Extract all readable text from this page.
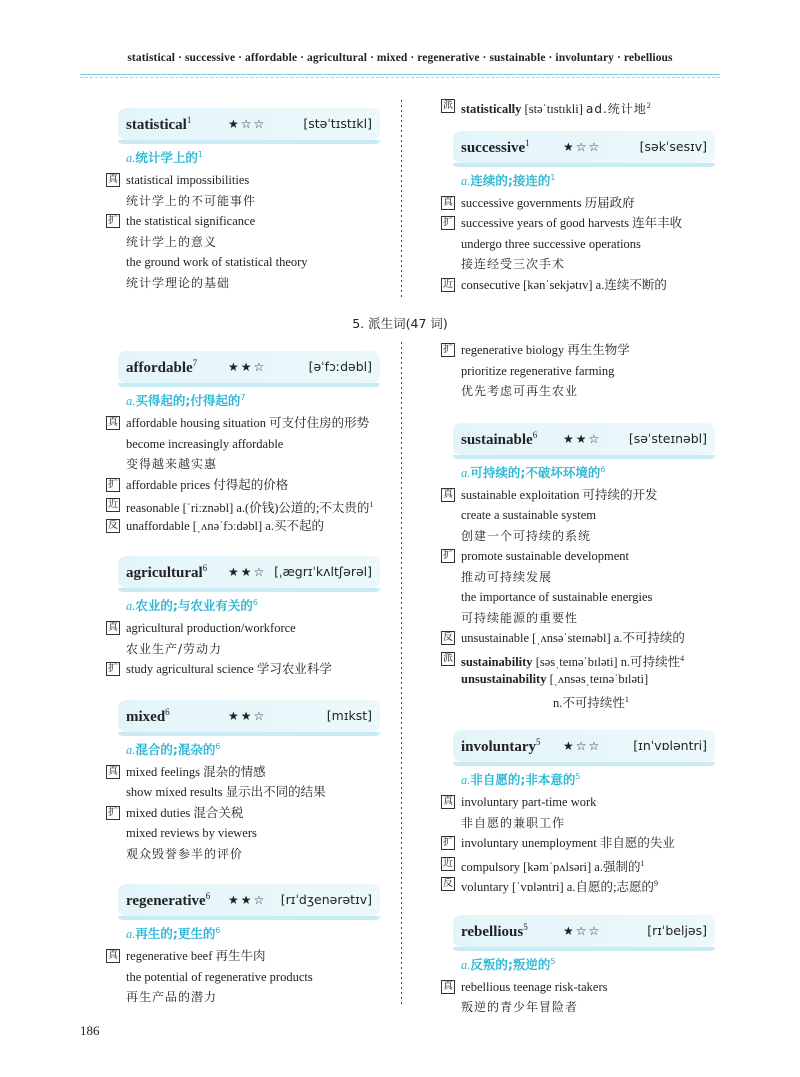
statistical · successive · affordable · agricultural · mixed · regenerative · sustainable · involuntary · rebellious
5. 派生词(47 词)
statistical$^1$	★☆☆	[stəˈtɪstɪkl]
a.统计学上的$^1$
真 statistical impossibilities
统计学上的不可能事件
扩 the statistical significance
统计学上的意义
the ground work of statistical theory
统计学理论的基础
派 statistically [stəˈtɪstɪkli] ad.统计地$^2$
successive$^1$	★☆☆	[səkˈsesɪv]
a.连续的;接连的$^1$
真 successive governments 历届政府
扩 successive years of good harvests 连年丰收
undergo three successive operations
接连经受三次手术
近 consecutive [kənˈsekjətɪv] a.连续不断的
affordable$^7$	★★☆	[əˈfɔːdəbl]
a.买得起的;付得起的$^7$
真 affordable housing situation 可支付住房的形势
become increasingly affordable
变得越来越实惠
扩 affordable prices 付得起的价格
近 reasonable [ˈriːznəbl] a.(价钱)公道的;不太贵的$^1$
反 unaffordable [ˌʌnəˈfɔːdəbl] a.买不起的
agricultural$^6$ ★★☆ [ˌægrɪˈkʌltʃərəl]
a.农业的;与农业有关的$^6$
真 agricultural production/workforce
农业生产/劳动力
扩 study agricultural science 学习农业科学
mixed$^6$	★★☆	[mɪkst]
a.混合的;混杂的$^6$
真 mixed feelings 混杂的情感
show mixed results 显示出不同的结果
扩 mixed duties 混合关税
mixed reviews by viewers
观众毁誉参半的评价
regenerative$^6$ ★★☆ [rɪˈdʒenərətɪv]
a.再生的;更生的$^6$
真 regenerative beef 再生牛肉
the potential of regenerative products
再生产品的潜力
扩 regenerative biology 再生生物学
prioritize regenerative farming
优先考虑可再生农业
sustainable$^6$ ★★☆ [səˈsteɪnəbl]
a.可持续的;不破坏环境的$^6$
真 sustainable exploitation 可持续的开发
create a sustainable system
创建一个可持续的系统
扩 promote sustainable development
推动可持续发展
the importance of sustainable energies
可持续能源的重要性
反 unsustainable [ˌʌnsəˈsteɪnəbl] a.不可持续的
派 sustainability [səsˌteɪnəˈbɪləti] n.可持续性$^4$
unsustainability [ˌʌnsəsˌteɪnəˈbɪləti]
n.不可持续性$^1$
involuntary$^5$ ★☆☆	[ɪnˈvɒləntri]
a.非自愿的;非本意的$^5$
真 involuntary part-time work
非自愿的兼职工作
扩 involuntary unemployment 非自愿的失业
近 compulsory [kəmˈpʌlsəri] a.强制的$^1$
反 voluntary [ˈvɒləntri] a.自愿的;志愿的$^9$
rebellious$^5$	★☆☆	[rɪˈbeljəs]
a.反叛的;叛逆的$^5$
真 rebellious teenage risk-takers
叛逆的青少年冒险者
186
